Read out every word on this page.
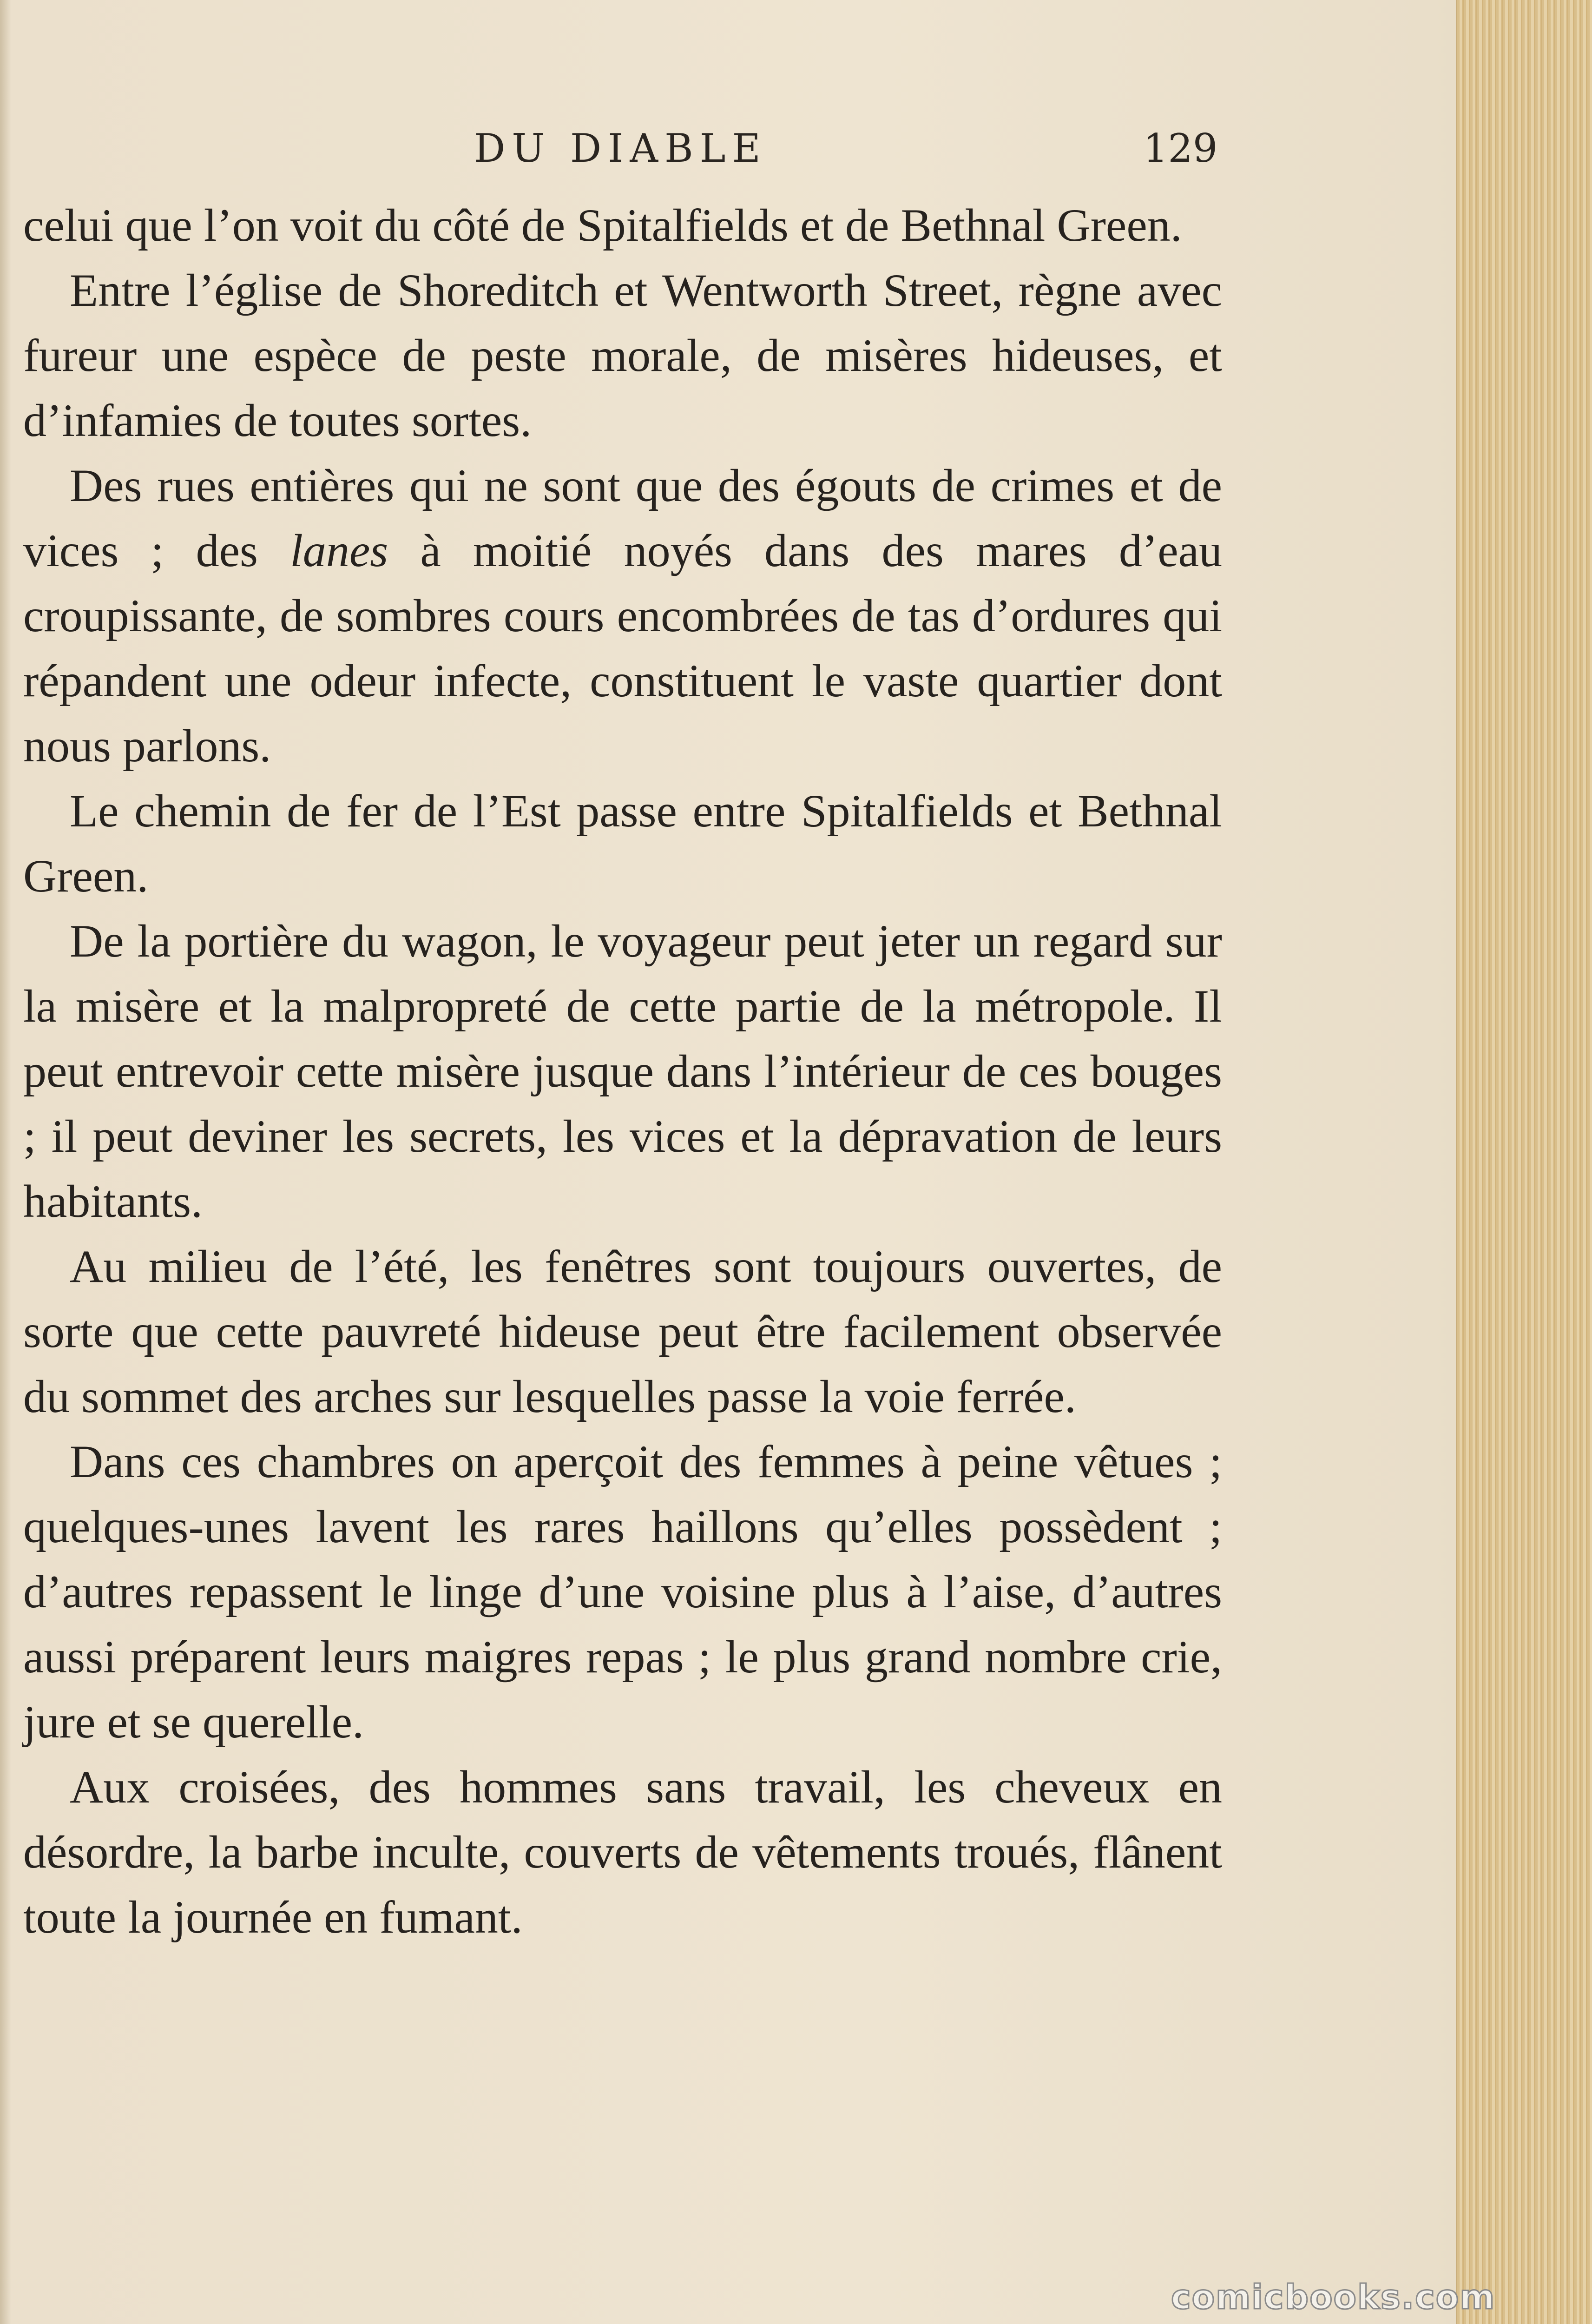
DU DIABLE	129

celui que l’on voit du côté de Spitalfields et de Bethnal Green.

Entre l’église de Shoreditch et Wentworth Street, règne avec fureur une espèce de peste morale, de misères hideuses, et d’infamies de toutes sortes.

Des rues entières qui ne sont que des égouts de crimes et de vices ; des lanes à moitié noyés dans des mares d’eau croupissante, de sombres cours encombrées de tas d’ordures qui répandent une odeur infecte, constituent le vaste quartier dont nous parlons.

Le chemin de fer de l’Est passe entre Spitalfields et Bethnal Green.

De la portière du wagon, le voyageur peut jeter un regard sur la misère et la malpropreté de cette partie de la métropole. Il peut entrevoir cette misère jusque dans l’intérieur de ces bouges ; il peut deviner les secrets, les vices et la dépravation de leurs habitants.

Au milieu de l’été, les fenêtres sont toujours ouvertes, de sorte que cette pauvreté hideuse peut être facilement observée du sommet des arches sur lesquelles passe la voie ferrée.

Dans ces chambres on aperçoit des femmes à peine vêtues ; quelques-unes lavent les rares haillons qu’elles possèdent ; d’autres repassent le linge d’une voisine plus à l’aise, d’autres aussi préparent leurs maigres repas ; le plus grand nombre crie, jure et se querelle.

Aux croisées, des hommes sans travail, les cheveux en désordre, la barbe inculte, couverts de vêtements troués, flânent toute la journée en fumant.

comicbooks.com
